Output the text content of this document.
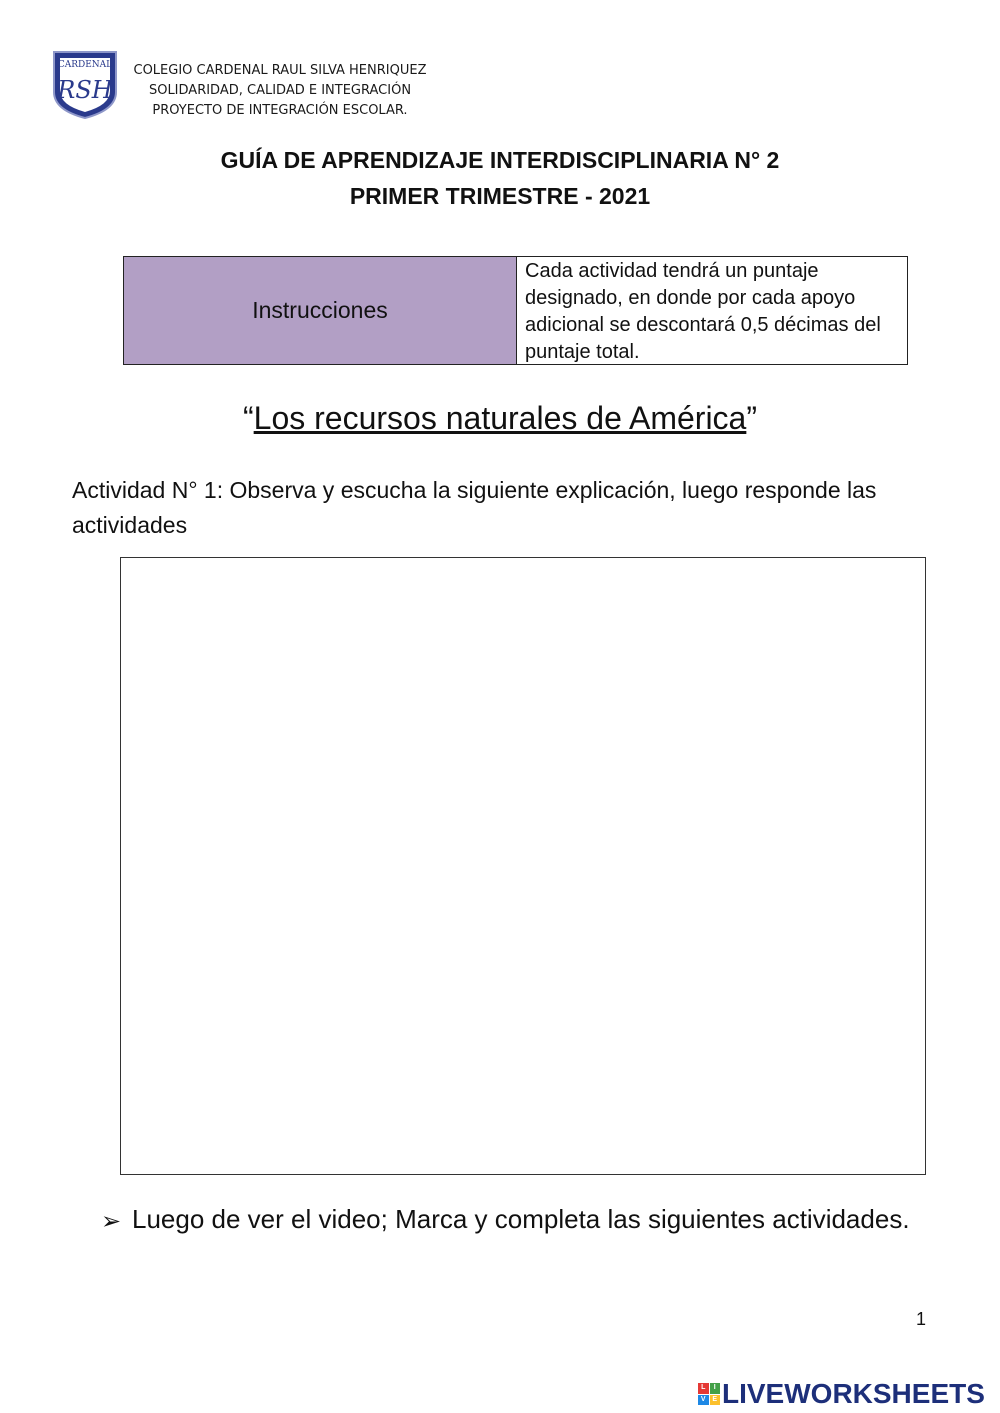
CARDENAL
RSH
COLEGIO CARDENAL RAUL SILVA HENRIQUEZ
SOLIDARIDAD, CALIDAD E INTEGRACIÓN
PROYECTO DE INTEGRACIÓN ESCOLAR.
GUÍA DE APRENDIZAJE INTERDISCIPLINARIA N° 2
PRIMER TRIMESTRE - 2021
Instrucciones
Cada actividad tendrá un puntaje designado, en donde por cada apoyo adicional se descontará 0,5 décimas del puntaje total.
“Los recursos naturales de América”
Actividad N° 1: Observa y escucha la siguiente explicación, luego responde las actividades
➢ Luego de ver el video; Marca y completa las siguientes actividades.
1
L	I
V E LIVEWORKSHEETS
